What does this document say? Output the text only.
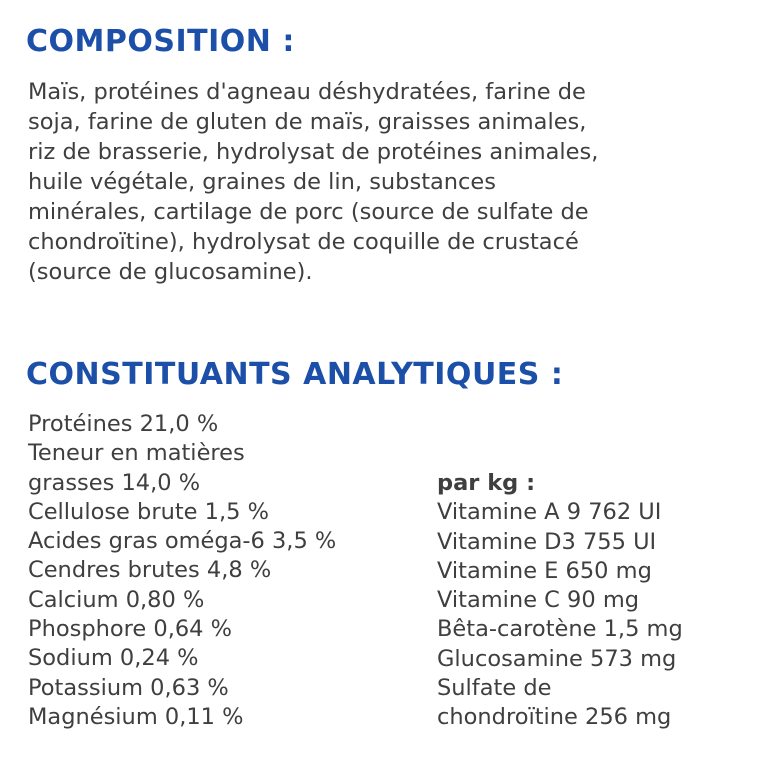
COMPOSITION :
Maïs, protéines d'agneau déshydratées, farine de
soja, farine de gluten de maïs, graisses animales,
riz de brasserie, hydrolysat de protéines animales,
huile végétale, graines de lin, substances
minérales, cartilage de porc (source de sulfate de
chondroïtine), hydrolysat de coquille de crustacé
(source de glucosamine).
CONSTITUANTS ANALYTIQUES :
Protéines 21,0 %
Teneur en matières
grasses 14,0 %
Cellulose brute 1,5 %
Acides gras oméga-6 3,5 %
Cendres brutes 4,8 %
Calcium 0,80 %
Phosphore 0,64 %
Sodium 0,24 %
Potassium 0,63 %
Magnésium 0,11 %
par kg :
Vitamine A 9 762 UI
Vitamine D3 755 UI
Vitamine E 650 mg
Vitamine C 90 mg
Bêta-carotène 1,5 mg
Glucosamine 573 mg
Sulfate de
chondroïtine 256 mg
